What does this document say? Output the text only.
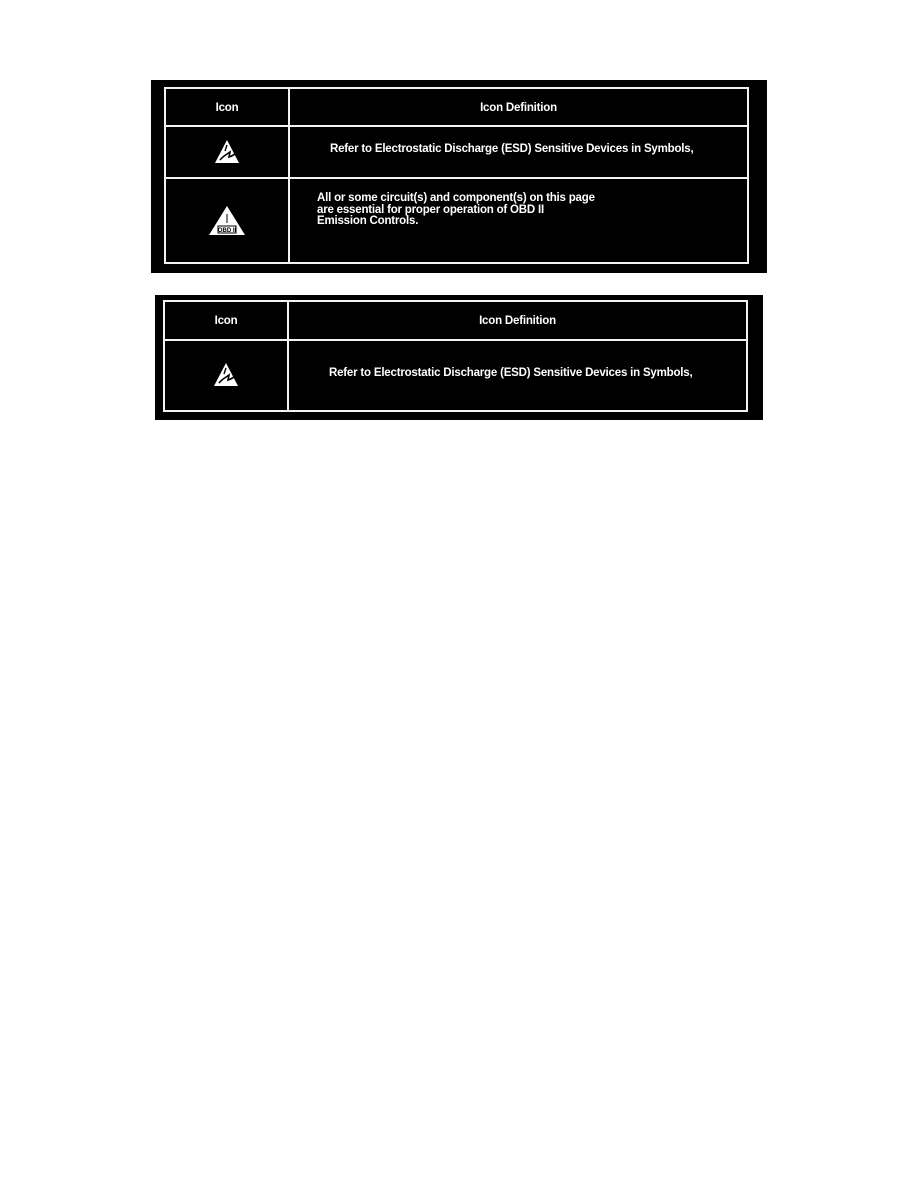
Icon	Icon Definition
	Refer to Electrostatic Discharge (ESD) Sensitive Devices in Symbols,

OBD II	All or some circuit(s) and component(s) on this page
are essential for proper operation of OBD II
Emission Controls.
Icon	Icon Definition
	Refer to Electrostatic Discharge (ESD) Sensitive Devices in Symbols,
